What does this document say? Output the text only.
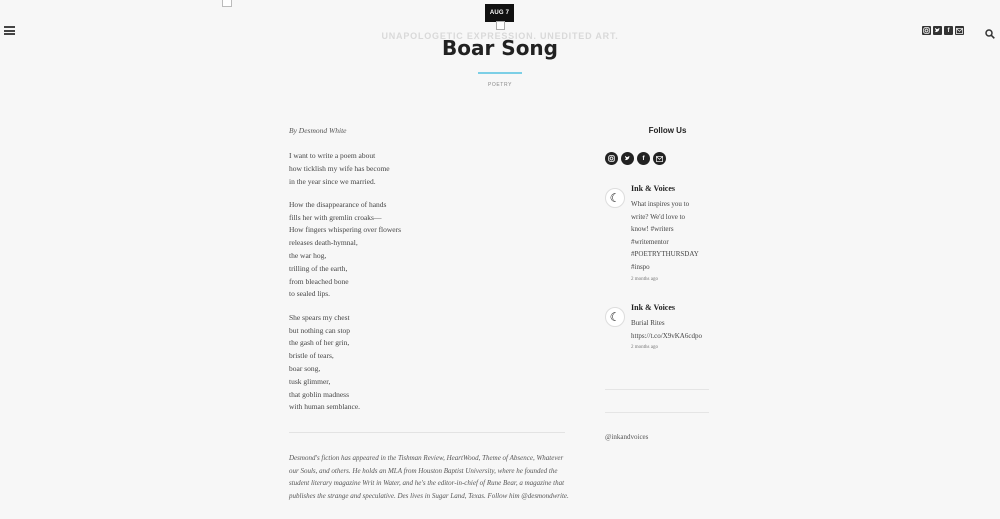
AUG 7
UNAPOLOGETIC EXPRESSION. UNEDITED ART.
Boar Song
POETRY
f
By Desmond White
I want to write a poem about
how ticklish my wife has become
in the year since we married.
How the disappearance of hands
fills her with gremlin croaks—
How fingers whispering over flowers
releases death-hymnal,
the war hog,
trilling of the earth,
from bleached bone
to sealed lips.
She spears my chest
but nothing can stop
the gash of her grin,
bristle of tears,
boar song,
tusk glimmer,
that goblin madness
with human semblance.
Desmond's fiction has appeared in the Tishman Review, HeartWood, Theme of Absence, Whatever our Souls, and others. He holds an MLA from Houston Baptist University, where he founded the student literary magazine Writ in Water, and he's the editor-in-chief of Rune Bear, a magazine that publishes the strange and speculative. Des lives in Sugar Land, Texas. Follow him @desmondwrite.
Follow Us
f
☾
Ink & Voices
What inspires you to
write? We'd love to
know! #writers
#writementor
#POETRYTHURSDAY
#inspo
2 months ago
☾
Ink & Voices
Burial Rites
https://t.co/X9vKA6cdpo
2 months ago
@inkandvoices
